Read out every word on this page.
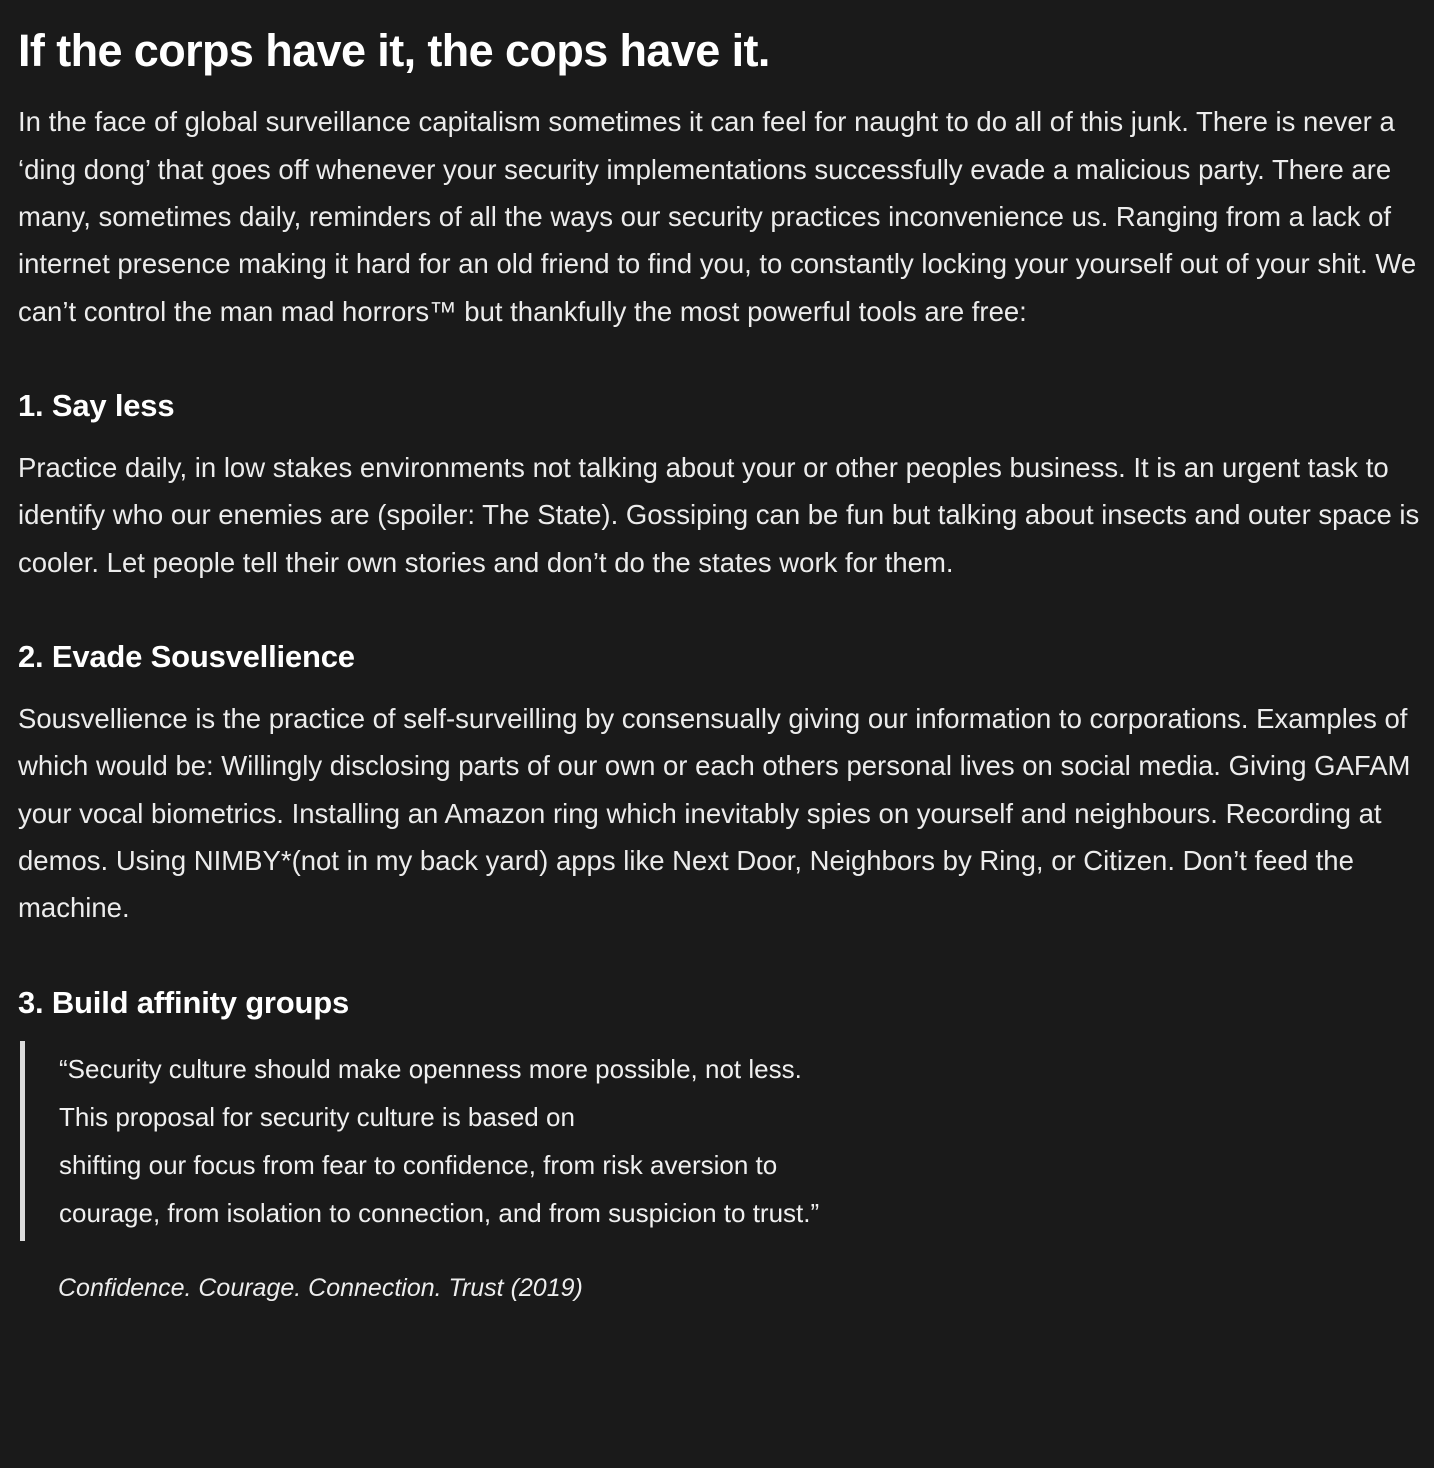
If the corps have it, the cops have it.

In the face of global surveillance capitalism sometimes it can feel for naught to do all of this junk. There is never a ‘ding dong’ that goes off whenever your security implementations successfully evade a malicious party. There are many, sometimes daily, reminders of all the ways our security practices inconvenience us. Ranging from a lack of internet presence making it hard for an old friend to find you, to constantly locking your yourself out of your shit. We can’t control the man mad horrors™ but thankfully the most powerful tools are free:

1. Say less

Practice daily, in low stakes environments not talking about your or other peoples business. It is an urgent task to identify who our enemies are (spoiler: The State). Gossiping can be fun but talking about insects and outer space is cooler. Let people tell their own stories and don’t do the states work for them.

2. Evade Sousvellience

Sousvellience is the practice of self-surveilling by consensually giving our information to corporations. Examples of which would be: Willingly disclosing parts of our own or each others personal lives on social media. Giving GAFAM your vocal biometrics. Installing an Amazon ring which inevitably spies on yourself and neighbours. Recording at demos. Using NIMBY*(not in my back yard) apps like Next Door, Neighbors by Ring, or Citizen. Don’t feed the machine.

3. Build affinity groups

“Security culture should make openness more possible, not less.

This proposal for security culture is based on

shifting our focus from fear to confidence, from risk aversion to

courage, from isolation to connection, and from suspicion to trust.”

Confidence. Courage. Connection. Trust (2019)
